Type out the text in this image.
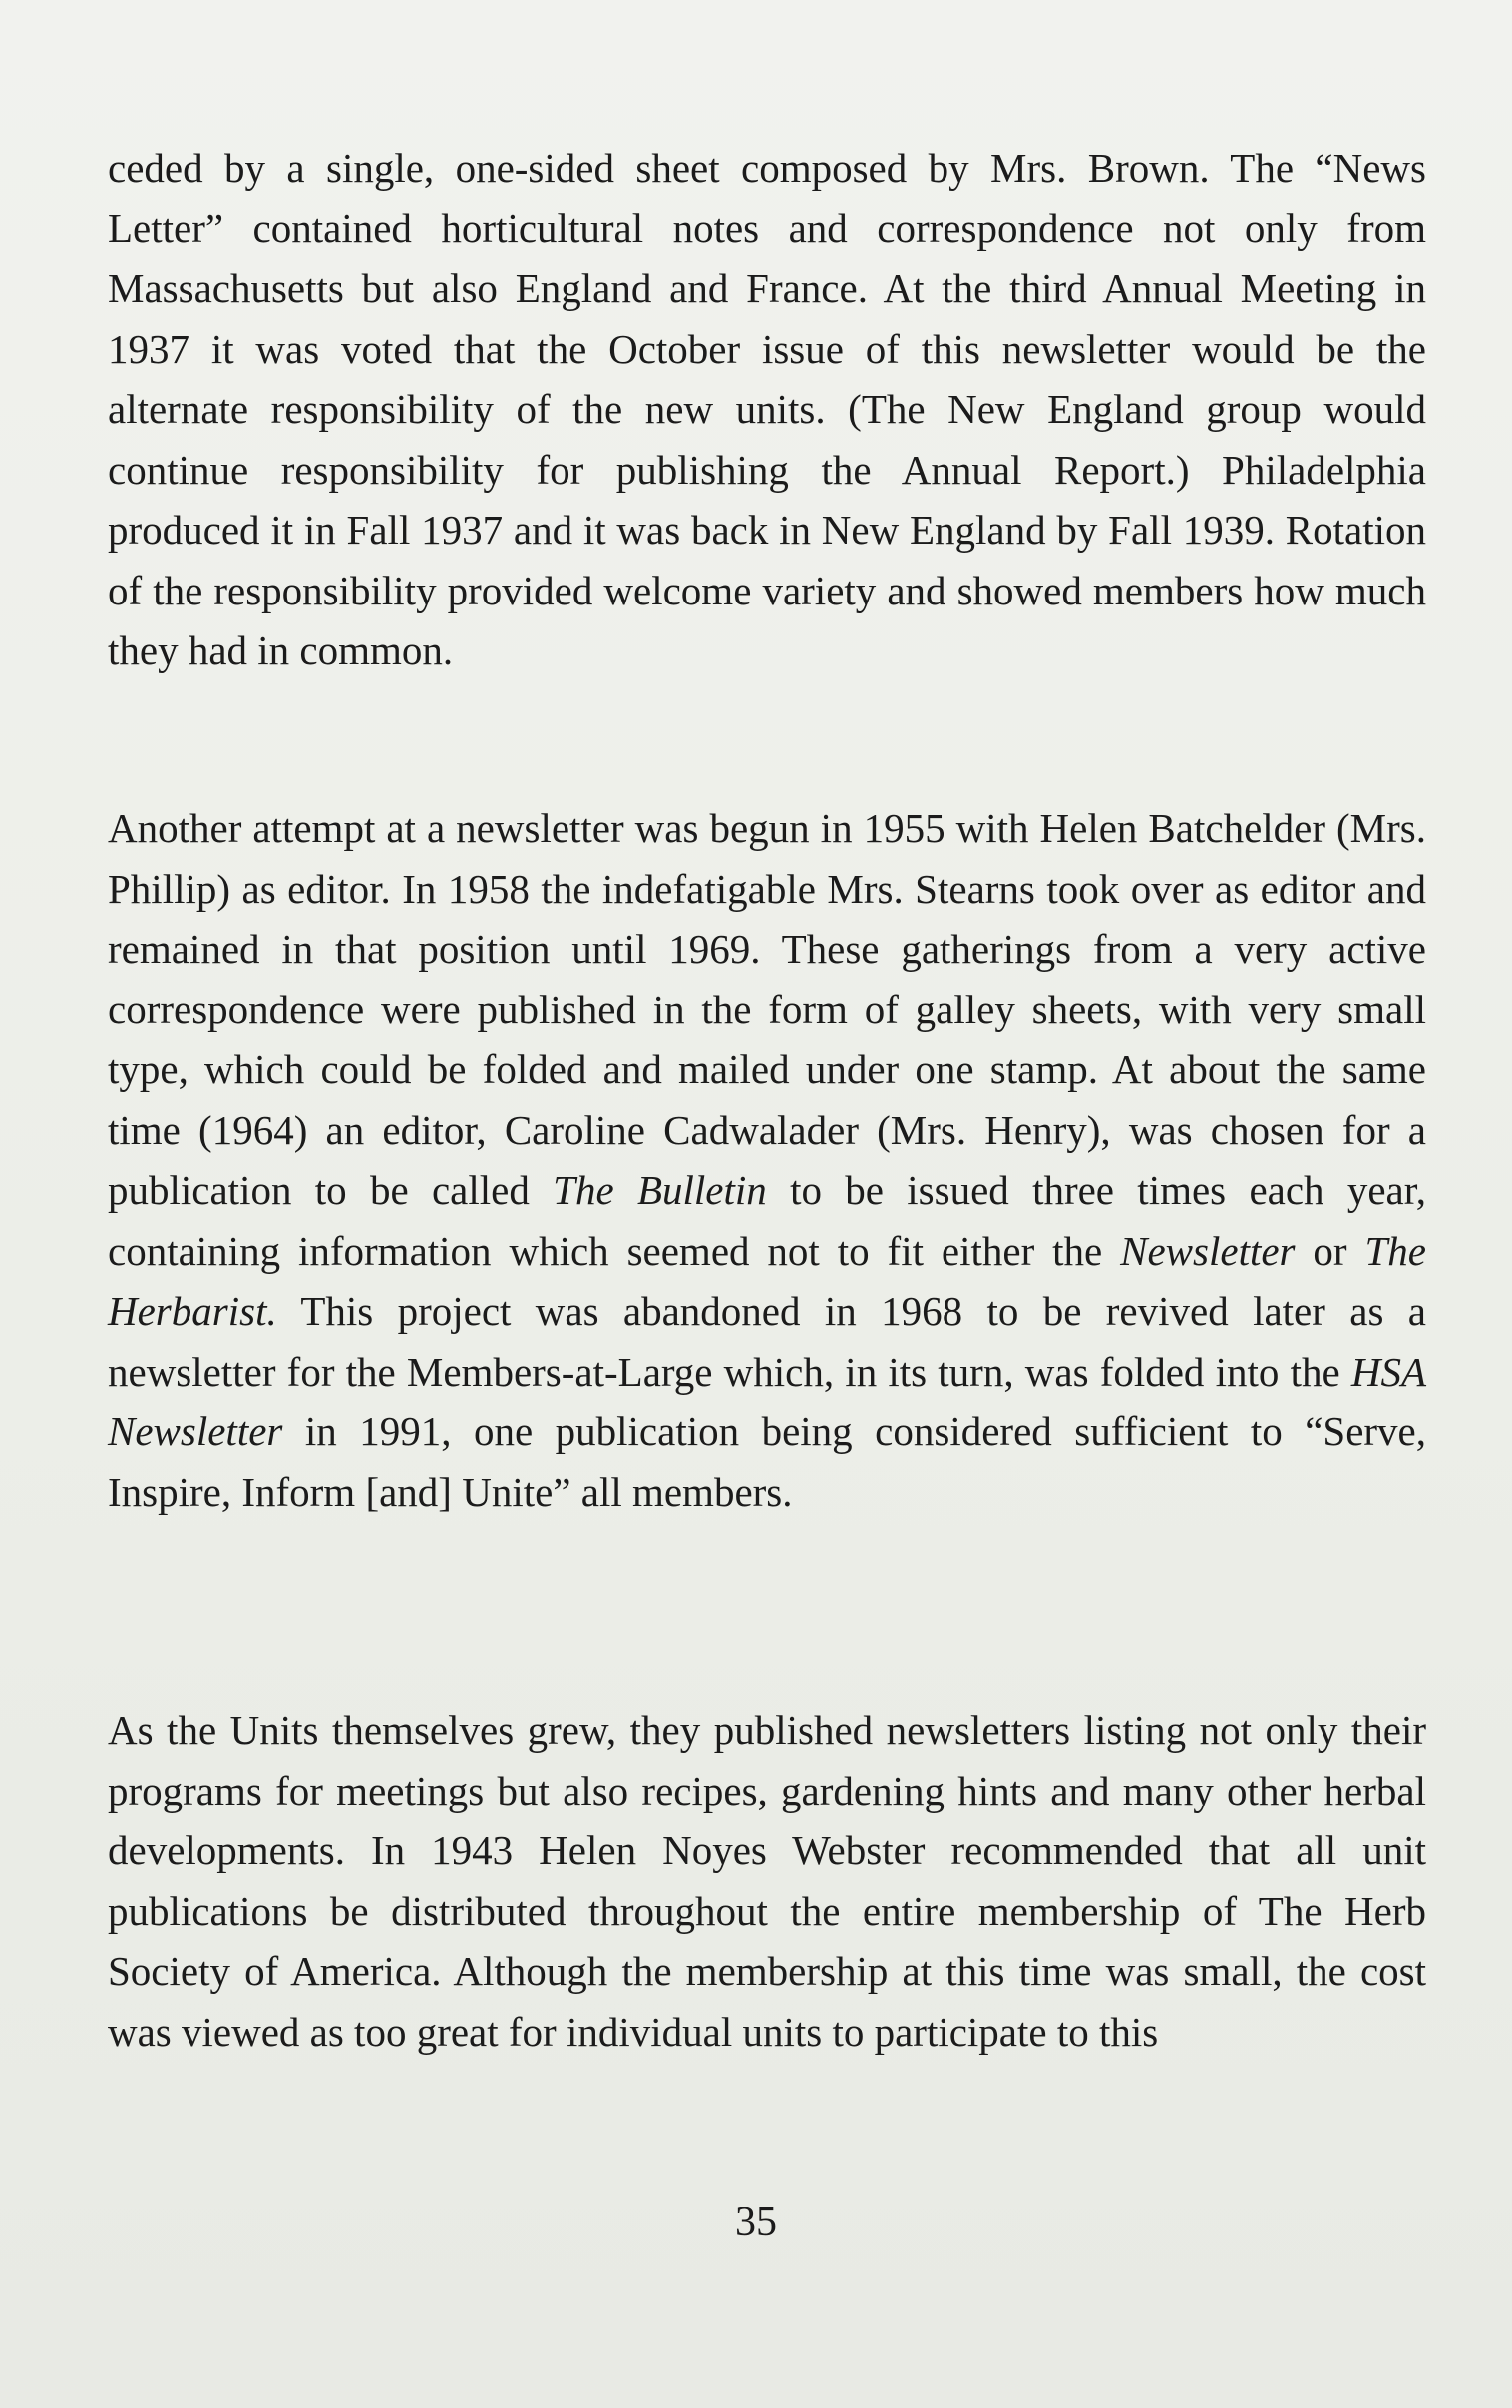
ceded by a single, one-sided sheet composed by Mrs. Brown. The “News Letter” contained horticultural notes and correspondence not only from Massachusetts but also England and France. At the third Annual Meeting in 1937 it was voted that the October issue of this newsletter would be the alternate responsibility of the new units. (The New England group would continue responsibility for publishing the Annual Report.) Philadelphia produced it in Fall 1937 and it was back in New England by Fall 1939. Rotation of the responsibility provided welcome variety and showed members how much they had in common.

Another attempt at a newsletter was begun in 1955 with Helen Batchelder (Mrs. Phillip) as editor. In 1958 the indefatigable Mrs. Stearns took over as editor and remained in that position until 1969. These gatherings from a very active correspondence were published in the form of galley sheets, with very small type, which could be folded and mailed under one stamp. At about the same time (1964) an editor, Caroline Cadwalader (Mrs. Henry), was chosen for a publication to be called The Bulletin to be issued three times each year, containing information which seemed not to fit either the Newsletter or The Herbarist. This project was abandoned in 1968 to be revived later as a newsletter for the Members-at-Large which, in its turn, was folded into the HSA Newsletter in 1991, one publication being considered sufficient to “Serve, Inspire, Inform [and] Unite” all members.

As the Units themselves grew, they published newsletters listing not only their programs for meetings but also recipes, gardening hints and many other herbal developments. In 1943 Helen Noyes Webster recommended that all unit publications be distributed throughout the entire membership of The Herb Society of America. Although the membership at this time was small, the cost was viewed as too great for individual units to participate to this

35
